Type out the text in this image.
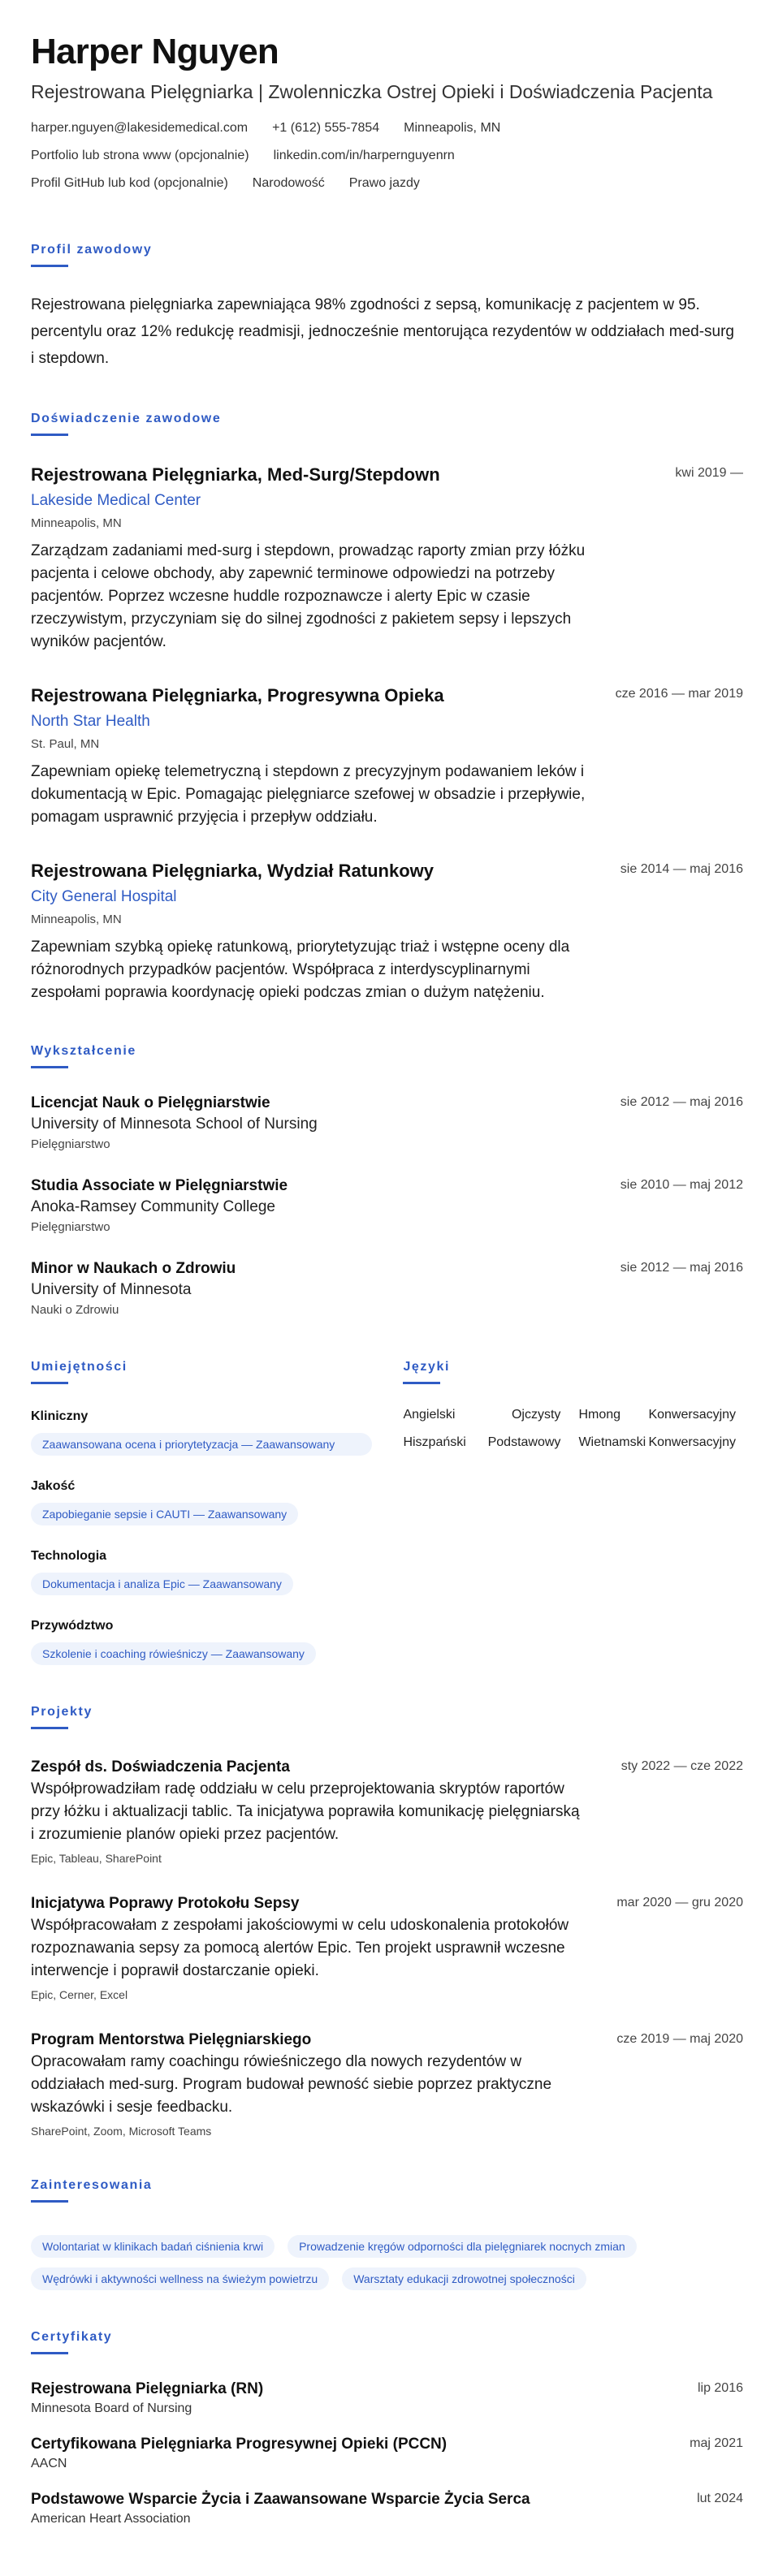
Harper Nguyen
Rejestrowana Pielęgniarka | Zwolenniczka Ostrej Opieki i Doświadczenia Pacjenta
harper.nguyen@lakesidemedical.com +1 (612) 555-7854 Minneapolis, MN
Portfolio lub strona www (opcjonalnie) linkedin.com/in/harpernguyenrn
Profil GitHub lub kod (opcjonalnie) Narodowość Prawo jazdy
Profil zawodowy
Rejestrowana pielęgniarka zapewniająca 98% zgodności z sepsą, komunikację z pacjentem w 95. percentylu oraz 12% redukcję readmisji, jednocześnie mentorująca rezydentów w oddziałach med-surg i stepdown.
Doświadczenie zawodowe
Rejestrowana Pielęgniarka, Med-Surg/Stepdown	kwi 2019 —
Lakeside Medical Center
Minneapolis, MN
Zarządzam zadaniami med-surg i stepdown, prowadząc raporty zmian przy łóżku pacjenta i celowe obchody, aby zapewnić terminowe odpowiedzi na potrzeby pacjentów. Poprzez wczesne huddle rozpoznawcze i alerty Epic w czasie rzeczywistym, przyczyniam się do silnej zgodności z pakietem sepsy i lepszych wyników pacjentów.
Rejestrowana Pielęgniarka, Progresywna Opieka	cze 2016 — mar 2019
North Star Health
St. Paul, MN
Zapewniam opiekę telemetryczną i stepdown z precyzyjnym podawaniem leków i dokumentacją w Epic. Pomagając pielęgniarce szefowej w obsadzie i przepływie, pomagam usprawnić przyjęcia i przepływ oddziału.
Rejestrowana Pielęgniarka, Wydział Ratunkowy	sie 2014 — maj 2016
City General Hospital
Minneapolis, MN
Zapewniam szybką opiekę ratunkową, priorytetyzując triaż i wstępne oceny dla różnorodnych przypadków pacjentów. Współpraca z interdyscyplinarnymi zespołami poprawia koordynację opieki podczas zmian o dużym natężeniu.
Wykształcenie
Licencjat Nauk o Pielęgniarstwie	sie 2012 — maj 2016
University of Minnesota School of Nursing
Pielęgniarstwo
Studia Associate w Pielęgniarstwie	sie 2010 — maj 2012
Anoka-Ramsey Community College
Pielęgniarstwo
Minor w Naukach o Zdrowiu	sie 2012 — maj 2016
University of Minnesota
Nauki o Zdrowiu
Umiejętności
Kliniczny
Zaawansowana ocena i priorytetyzacja — Zaawansowany
Jakość
Zapobieganie sepsie i CAUTI — Zaawansowany
Technologia
Dokumentacja i analiza Epic — Zaawansowany
Przywództwo
Szkolenie i coaching rówieśniczy — Zaawansowany
Języki
Angielski	Ojczysty	Hmong	Konwersacyjny
Hiszpański	Podstawowy	Wietnamski Konwersacyjny
Projekty
Zespół ds. Doświadczenia Pacjenta	sty 2022 — cze 2022
Współprowadziłam radę oddziału w celu przeprojektowania skryptów raportów przy łóżku i aktualizacji tablic. Ta inicjatywa poprawiła komunikację pielęgniarską i zrozumienie planów opieki przez pacjentów.
Epic, Tableau, SharePoint
Inicjatywa Poprawy Protokołu Sepsy	mar 2020 — gru 2020
Współpracowałam z zespołami jakościowymi w celu udoskonalenia protokołów rozpoznawania sepsy za pomocą alertów Epic. Ten projekt usprawnił wczesne interwencje i poprawił dostarczanie opieki.
Epic, Cerner, Excel
Program Mentorstwa Pielęgniarskiego	cze 2019 — maj 2020
Opracowałam ramy coachingu rówieśniczego dla nowych rezydentów w oddziałach med-surg. Program budował pewność siebie poprzez praktyczne wskazówki i sesje feedbacku.
SharePoint, Zoom, Microsoft Teams
Zainteresowania
Wolontariat w klinikach badań ciśnienia krwi	Prowadzenie kręgów odporności dla pielęgniarek nocnych zmian
Wędrówki i aktywności wellness na świeżym powietrzu	Warsztaty edukacji zdrowotnej społeczności
Certyfikaty
Rejestrowana Pielęgniarka (RN)
Minnesota Board of Nursing
lip 2016
Certyfikowana Pielęgniarka Progresywnej Opieki (PCCN)
AACN
maj 2021
Podstawowe Wsparcie Życia i Zaawansowane Wsparcie Życia Serca
American Heart Association
lut 2024
